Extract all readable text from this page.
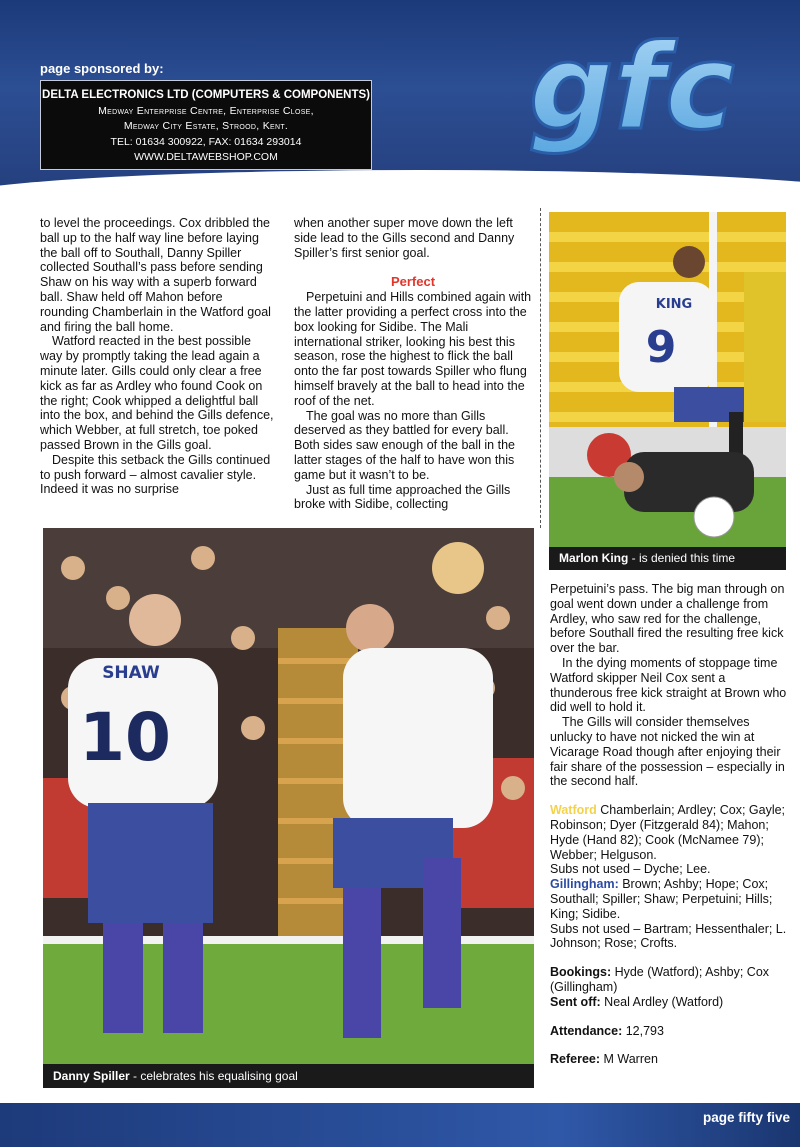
gfc
page sponsored by:
DELTA ELECTRONICS LTD (COMPUTERS & COMPONENTS)
Medway Enterprise Centre, Enterprise Close,
Medway City Estate, Strood, Kent.
TEL: 01634 300922, FAX: 01634 293014
WWW.DELTAWEBSHOP.COM

to level the proceedings. Cox dribbled the ball up to the half way line before laying the ball off to Southall, Danny Spiller collected Southall’s pass before sending Shaw on his way with a superb forward ball. Shaw held off Mahon before rounding Chamberlain in the Watford goal and firing the ball home.

Watford reacted in the best possible way by promptly taking the lead again a minute later. Gills could only clear a free kick as far as Ardley who found Cook on the right; Cook whipped a delightful ball into the box, and behind the Gills defence, which Webber, at full stretch, toe poked passed Brown in the Gills goal.

Despite this setback the Gills continued to push forward – almost cavalier style. Indeed it was no surprise

when another super move down the left side lead to the Gills second and Danny Spiller’s first senior goal.

Perfect

Perpetuini and Hills combined again with the latter providing a perfect cross into the box looking for Sidibe. The Mali international striker, looking his best this season, rose the highest to flick the ball onto the far post towards Spiller who flung himself bravely at the ball to head into the roof of the net.

The goal was no more than Gills deserved as they battled for every ball. Both sides saw enough of the ball in the latter stages of the half to have won this game but it wasn’t to be.

Just as full time approached the Gills broke with Sidibe, collecting

9
KING
Marlon King - is denied this time
SHAW
10
Danny Spiller - celebrates his equalising goal

Perpetuini’s pass. The big man through on goal went down under a challenge from Ardley, who saw red for the challenge, before Southall fired the resulting free kick over the bar.

In the dying moments of stoppage time Watford skipper Neil Cox sent a thunderous free kick straight at Brown who did well to hold it.

The Gills will consider themselves unlucky to have not nicked the win at Vicarage Road though after enjoying their fair share of the possession – especially in the second half.

Watford Chamberlain; Ardley; Cox; Gayle; Robinson; Dyer (Fitzgerald 84); Mahon; Hyde (Hand 82); Cook (McNamee 79); Webber; Helguson.
Subs not used – Dyche; Lee.
Gillingham: Brown; Ashby; Hope; Cox; Southall; Spiller; Shaw; Perpetuini; Hills; King; Sidibe.
Subs not used – Bartram; Hessenthaler; L. Johnson; Rose; Crofts.
Bookings: Hyde (Watford); Ashby; Cox (Gillingham)
Sent off: Neal Ardley (Watford)
Attendance: 12,793
Referee: M Warren
page fifty five
